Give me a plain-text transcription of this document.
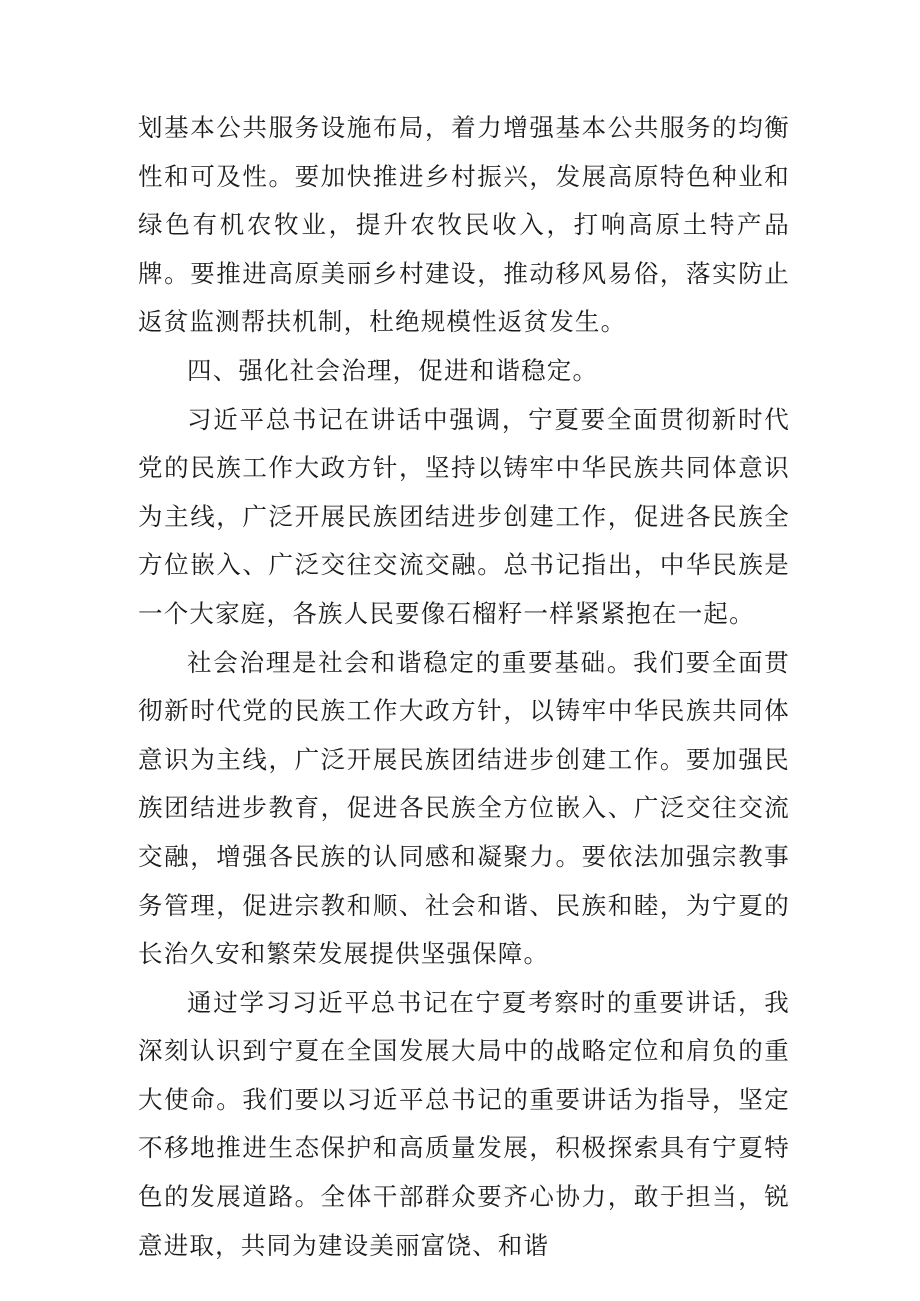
划基本公共服务设施布局，着力增强基本公共服务的均衡性和可及性。要加快推进乡村振兴，发展高原特色种业和绿色有机农牧业，提升农牧民收入，打响高原土特产品牌。要推进高原美丽乡村建设，推动移风易俗，落实防止返贫监测帮扶机制，杜绝规模性返贫发生。

四、强化社会治理，促进和谐稳定。

习近平总书记在讲话中强调，宁夏要全面贯彻新时代党的民族工作大政方针，坚持以铸牢中华民族共同体意识为主线，广泛开展民族团结进步创建工作，促进各民族全方位嵌入、广泛交往交流交融。总书记指出，中华民族是一个大家庭，各族人民要像石榴籽一样紧紧抱在一起。

社会治理是社会和谐稳定的重要基础。我们要全面贯彻新时代党的民族工作大政方针，以铸牢中华民族共同体意识为主线，广泛开展民族团结进步创建工作。要加强民族团结进步教育，促进各民族全方位嵌入、广泛交往交流交融，增强各民族的认同感和凝聚力。要依法加强宗教事务管理，促进宗教和顺、社会和谐、民族和睦，为宁夏的长治久安和繁荣发展提供坚强保障。

通过学习习近平总书记在宁夏考察时的重要讲话，我深刻认识到宁夏在全国发展大局中的战略定位和肩负的重大使命。我们要以习近平总书记的重要讲话为指导，坚定不移地推进生态保护和高质量发展，积极探索具有宁夏特色的发展道路。全体干部群众要齐心协力，敢于担当，锐意进取，共同为建设美丽富饶、和谐
